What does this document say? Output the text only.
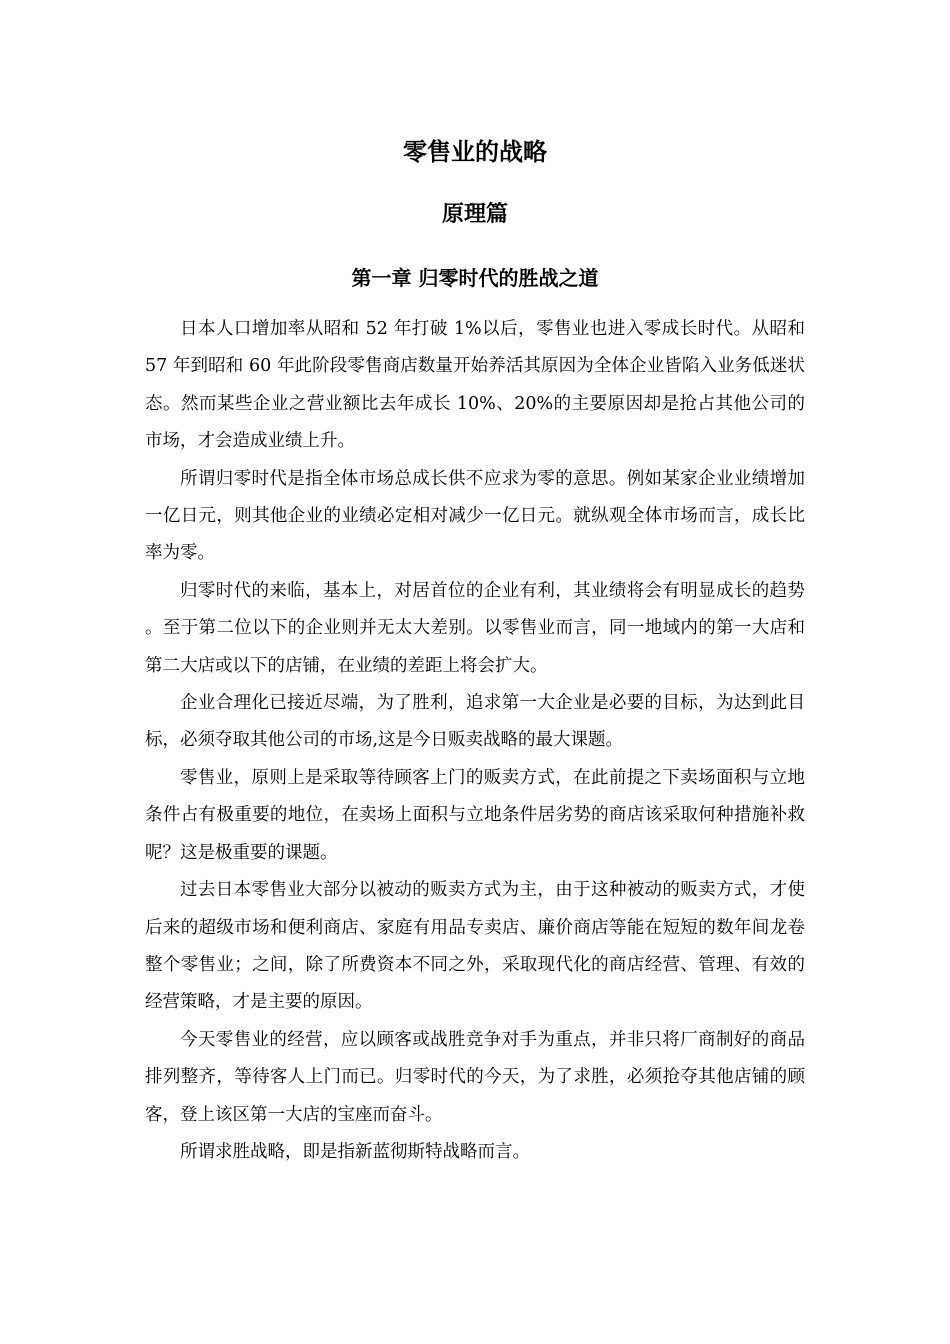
零售业的战略
原理篇
第一章 归零时代的胜战之道

日本人口增加率从昭和 52 年打破 1%以后，零售业也进入零成长时代。从昭和 57 年到昭和 60 年此阶段零售商店数量开始养活其原因为全体企业皆陷入业务低迷状态。然而某些企业之营业额比去年成长 10%、20%的主要原因却是抢占其他公司的市场，才会造成业绩上升。

所谓归零时代是指全体市场总成长供不应求为零的意思。例如某家企业业绩增加一亿日元，则其他企业的业绩必定相对减少一亿日元。就纵观全体市场而言，成长比率为零。

归零时代的来临，基本上，对居首位的企业有利，其业绩将会有明显成长的趋势。至于第二位以下的企业则并无太大差别。以零售业而言，同一地域内的第一大店和第二大店或以下的店铺，在业绩的差距上将会扩大。

企业合理化已接近尽端，为了胜利，追求第一大企业是必要的目标，为达到此目标，必须夺取其他公司的市场,这是今日贩卖战略的最大课题。

零售业，原则上是采取等待顾客上门的贩卖方式，在此前提之下卖场面积与立地条件占有极重要的地位，在卖场上面积与立地条件居劣势的商店该采取何种措施补救呢？这是极重要的课题。

过去日本零售业大部分以被动的贩卖方式为主，由于这种被动的贩卖方式，才使后来的超级市场和便利商店、家庭有用品专卖店、廉价商店等能在短短的数年间龙卷整个零售业；之间，除了所费资本不同之外，采取现代化的商店经营、管理、有效的经营策略，才是主要的原因。

今天零售业的经营，应以顾客或战胜竞争对手为重点，并非只将厂商制好的商品排列整齐，等待客人上门而已。归零时代的今天，为了求胜，必须抢夺其他店铺的顾客，登上该区第一大店的宝座而奋斗。

所谓求胜战略，即是指新蓝彻斯特战略而言。
